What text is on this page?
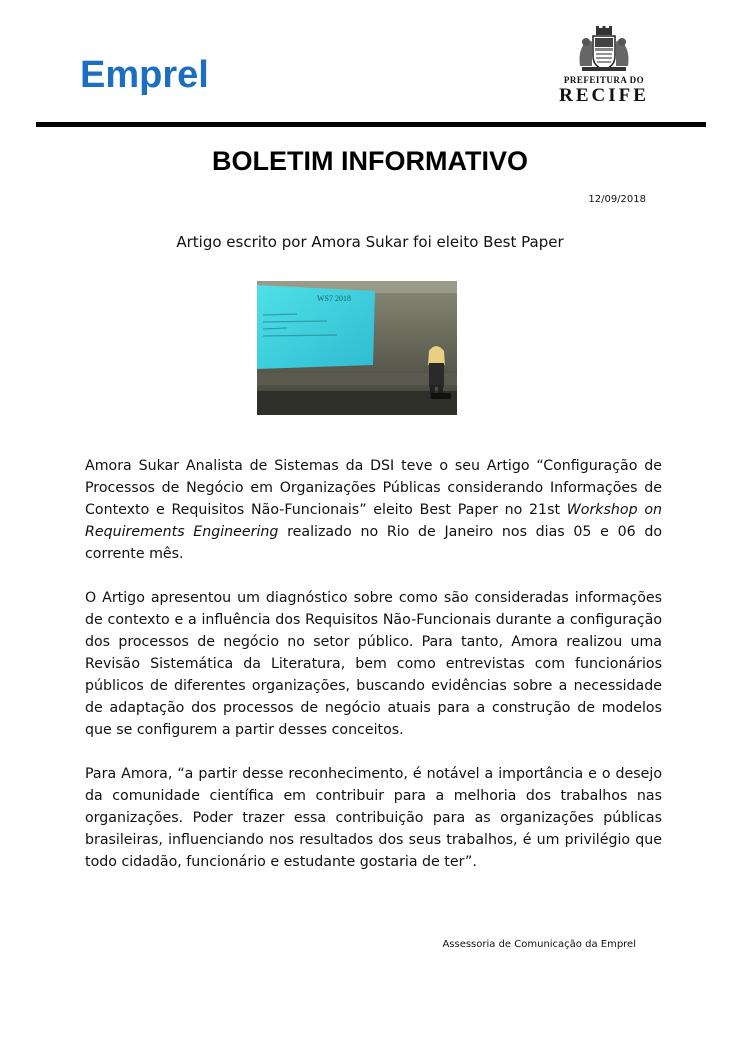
Emprel	PREFEITURA DO
RECIFE
BOLETIM INFORMATIVO
12/09/2018
Artigo escrito por Amora Sukar foi eleito Best Paper
WS7 2018

Amora Sukar Analista de Sistemas da DSI teve o seu Artigo “Configuração de Processos de Negócio em Organizações Públicas considerando Informações de Contexto e Requisitos Não-Funcionais” eleito Best Paper no 21st Workshop on Requirements Engineering realizado no Rio de Janeiro nos dias 05 e 06 do corrente mês.

O Artigo apresentou um diagnóstico sobre como são consideradas informações de contexto e a influência dos Requisitos Não-Funcionais durante a configuração dos processos de negócio no setor público. Para tanto, Amora realizou uma Revisão Sistemática da Literatura, bem como entrevistas com funcionários públicos de diferentes organizações, buscando evidências sobre a necessidade de adaptação dos processos de negócio atuais para a construção de modelos que se configurem a partir desses conceitos.

Para Amora, “a partir desse reconhecimento, é notável a importância e o desejo da comunidade científica em contribuir para a melhoria dos trabalhos nas organizações. Poder trazer essa contribuição para as organizações públicas brasileiras, influenciando nos resultados dos seus trabalhos, é um privilégio que todo cidadão, funcionário e estudante gostaria de ter”.

Assessoria de Comunicação da Emprel
